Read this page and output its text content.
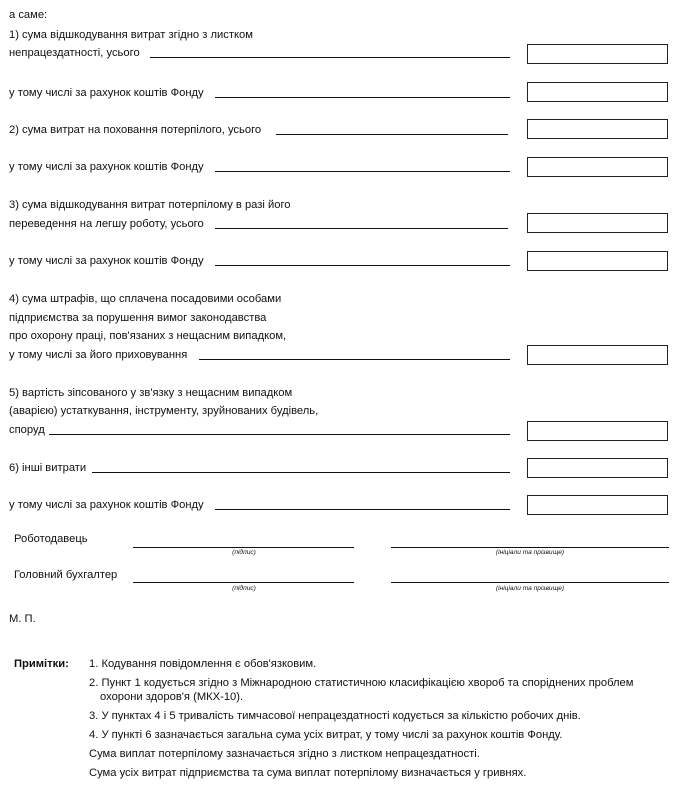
а саме:
1) сума відшкодування витрат згідно з листком
непрацездатності, усього
у тому числі за рахунок коштів Фонду
2) сума витрат на поховання потерпілого, усього
у тому числі за рахунок коштів Фонду
3) сума відшкодування витрат потерпілому в разі його
переведення на легшу роботу, усього
у тому числі за рахунок коштів Фонду
4) сума штрафів, що сплачена посадовими особами
підприємства за порушення вимог законодавства
про охорону праці, пов'язаних з нещасним випадком,
у тому числі за його приховування
5) вартість зіпсованого у зв'язку з нещасним випадком
(аварією) устаткування, інструменту, зруйнованих будівель,
споруд
6) інші витрати
у тому числі за рахунок коштів Фонду
Роботодавець
(підпис)	(ініціали та прізвище)
Головний бухгалтер
(підпис)	(ініціали та прізвище)
М. П.
Примітки: 1. Кодування повідомлення є обов'язковим.
2. Пункт 1 кодується згідно з Міжнародною статистичною класифікацією хвороб та споріднених проблем
охорони здоров'я (МКХ-10).
3. У пунктах 4 і 5 тривалість тимчасової непрацездатності кодується за кількістю робочих днів.
4. У пункті 6 зазначається загальна сума усіх витрат, у тому числі за рахунок коштів Фонду.
Сума виплат потерпілому зазначається згідно з листком непрацездатності.
Сума усіх витрат підприємства та сума виплат потерпілому визначається у гривнях.
